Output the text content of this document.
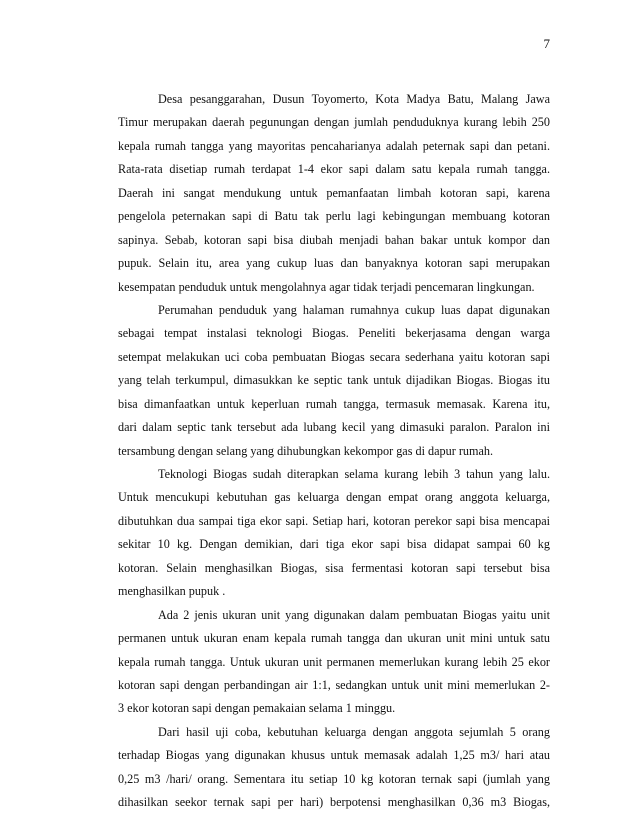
7
Desa pesanggarahan, Dusun Toyomerto, Kota Madya Batu, Malang Jawa
Timur merupakan daerah pegunungan dengan jumlah penduduknya kurang lebih 250
kepala rumah tangga yang mayoritas pencaharianya adalah peternak sapi dan petani.
Rata-rata disetiap rumah terdapat 1-4 ekor sapi dalam satu kepala rumah tangga.
Daerah ini sangat mendukung untuk pemanfaatan limbah kotoran sapi, karena
pengelola peternakan sapi di Batu tak perlu lagi kebingungan membuang kotoran
sapinya. Sebab, kotoran sapi bisa diubah menjadi bahan bakar untuk kompor dan
pupuk. Selain itu, area yang cukup luas dan banyaknya kotoran sapi merupakan
kesempatan penduduk untuk mengolahnya agar tidak terjadi pencemaran lingkungan.
Perumahan penduduk yang halaman rumahnya cukup luas dapat digunakan
sebagai tempat instalasi teknologi Biogas. Peneliti bekerjasama dengan warga
setempat melakukan uci coba pembuatan Biogas secara sederhana yaitu kotoran sapi
yang telah terkumpul, dimasukkan ke septic tank untuk dijadikan Biogas. Biogas itu
bisa dimanfaatkan untuk keperluan rumah tangga, termasuk memasak. Karena itu,
dari dalam septic tank tersebut ada lubang kecil yang dimasuki paralon. Paralon ini
tersambung dengan selang yang dihubungkan kekompor gas di dapur rumah.
Teknologi Biogas sudah diterapkan selama kurang lebih 3 tahun yang lalu.
Untuk mencukupi kebutuhan gas keluarga dengan empat orang anggota keluarga,
dibutuhkan dua sampai tiga ekor sapi. Setiap hari, kotoran perekor sapi bisa mencapai
sekitar 10 kg. Dengan demikian, dari tiga ekor sapi bisa didapat sampai 60 kg
kotoran. Selain menghasilkan Biogas, sisa fermentasi kotoran sapi tersebut bisa
menghasilkan pupuk .
Ada 2 jenis ukuran unit yang digunakan dalam pembuatan Biogas yaitu unit
permanen untuk ukuran enam kepala rumah tangga dan ukuran unit mini untuk satu
kepala rumah tangga. Untuk ukuran unit permanen memerlukan kurang lebih 25 ekor
kotoran sapi dengan perbandingan air 1:1, sedangkan untuk unit mini memerlukan 2-
3 ekor kotoran sapi dengan pemakaian selama 1 minggu.
Dari hasil uji coba, kebutuhan keluarga dengan anggota sejumlah 5 orang
terhadap Biogas yang digunakan khusus untuk memasak adalah 1,25 m3/ hari atau
0,25 m3 /hari/ orang. Sementara itu setiap 10 kg kotoran ternak sapi (jumlah yang
dihasilkan seekor ternak sapi per hari) berpotensi menghasilkan 0,36 m3 Biogas,
